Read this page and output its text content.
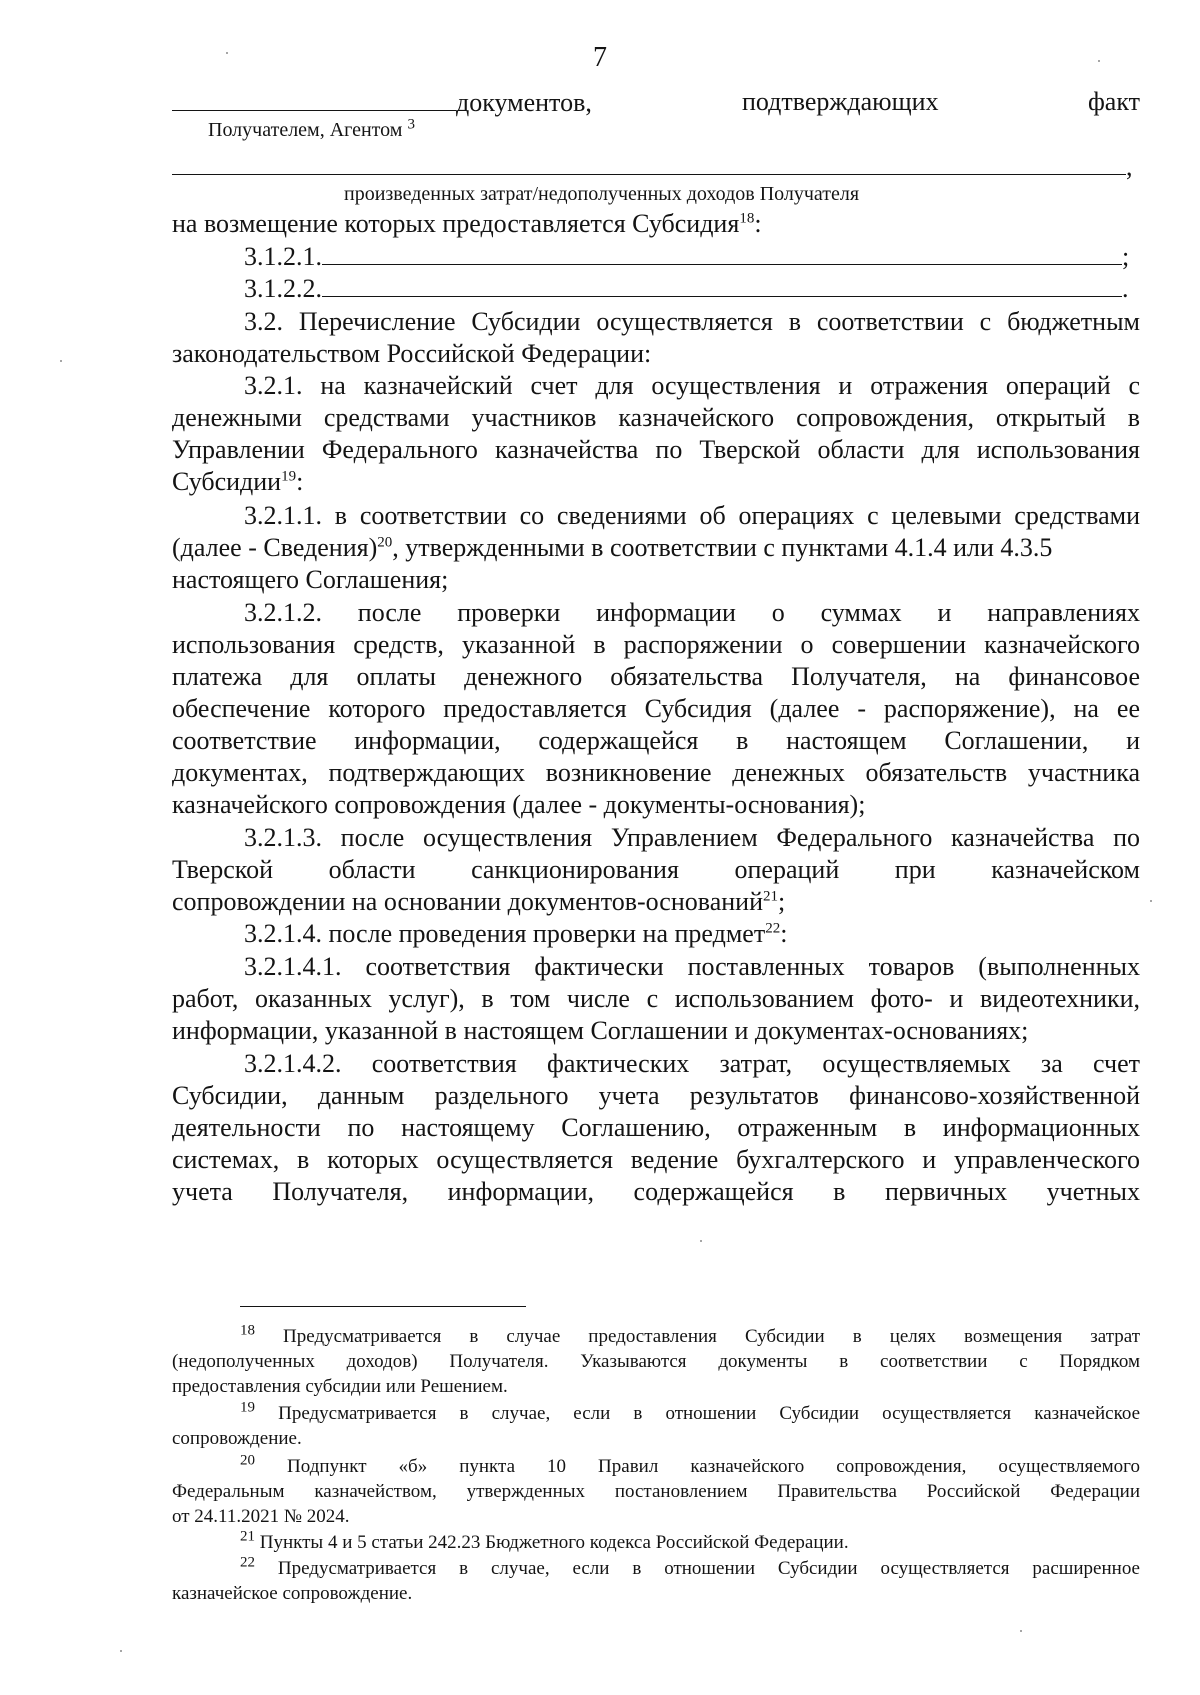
7
документов,	подтверждающих	факт
Получателем, Агентом $^3$
,
произведенных затрат/недополученных доходов Получателя
на возмещение которых предоставляется Субсидия$^{18}$:
3.1.2.1.	;
3.1.2.2.	.
3.2. Перечисление Субсидии осуществляется в соответствии с бюджетным
законодательством Российской Федерации:
3.2.1. на казначейский счет для осуществления и отражения операций с
денежными средствами участников казначейского сопровождения, открытый в
Управлении Федерального казначейства по Тверской области для использования
Субсидии$^{19}$:
3.2.1.1. в соответствии со сведениями об операциях с целевыми средствами
(далее - Сведения)$^{20}$, утвержденными в соответствии с пунктами 4.1.4 или 4.3.5
настоящего Соглашения;
3.2.1.2. после проверки информации о суммах и направлениях
использования средств, указанной в распоряжении о совершении казначейского
платежа для оплаты денежного обязательства Получателя, на финансовое
обеспечение которого предоставляется Субсидия (далее - распоряжение), на ее
соответствие информации, содержащейся в настоящем Соглашении, и
документах, подтверждающих возникновение денежных обязательств участника
казначейского сопровождения (далее - документы-основания);
3.2.1.3. после осуществления Управлением Федерального казначейства по
Тверской области санкционирования операций при казначейском
сопровождении на основании документов-оснований$^{21}$;
3.2.1.4. после проведения проверки на предмет$^{22}$:
3.2.1.4.1. соответствия фактически поставленных товаров (выполненных
работ, оказанных услуг), в том числе с использованием фото- и видеотехники,
информации, указанной в настоящем Соглашении и документах-основаниях;
3.2.1.4.2. соответствия фактических затрат, осуществляемых за счет
Субсидии, данным раздельного учета результатов финансово-хозяйственной
деятельности по настоящему Соглашению, отраженным в информационных
системах, в которых осуществляется ведение бухгалтерского и управленческого
учета Получателя, информации, содержащейся в первичных учетных
$^{18}$ Предусматривается в случае предоставления Субсидии в целях возмещения затрат
(недополученных доходов) Получателя. Указываются документы в соответствии с Порядком
предоставления субсидии или Решением.
$^{19}$ Предусматривается в случае, если в отношении Субсидии осуществляется казначейское
сопровождение.
$^{20}$ Подпункт «б» пункта 10 Правил казначейского сопровождения, осуществляемого
Федеральным казначейством, утвержденных постановлением Правительства Российской Федерации
от 24.11.2021 № 2024.
$^{21}$ Пункты 4 и 5 статьи 242.23 Бюджетного кодекса Российской Федерации.
$^{22}$ Предусматривается в случае, если в отношении Субсидии осуществляется расширенное
казначейское сопровождение.
